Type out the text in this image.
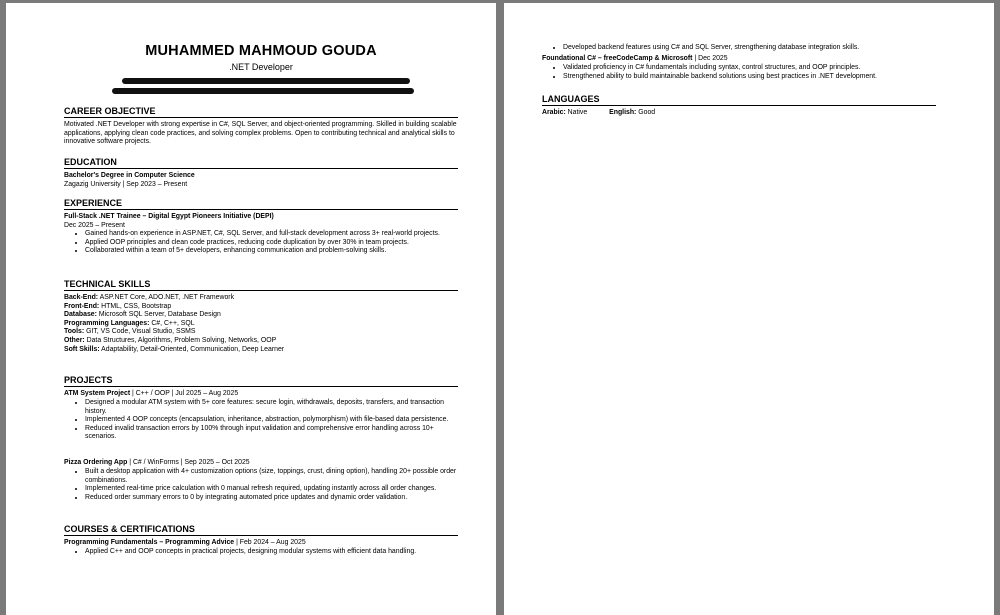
MUHAMMED MAHMOUD GOUDA
.NET Developer
CAREER OBJECTIVE
Motivated .NET Developer with strong expertise in C#, SQL Server, and object-oriented programming. Skilled in building scalable applications, applying clean code practices, and solving complex problems. Open to contributing technical and analytical skills to innovative software projects.
EDUCATION
Bachelor's Degree in Computer Science
Zagazig University | Sep 2023 – Present
EXPERIENCE
Full-Stack .NET Trainee – Digital Egypt Pioneers Initiative (DEPI)
Dec 2025 – Present
• Gained hands-on experience in ASP.NET, C#, SQL Server, and full-stack development across 3+ real-world projects.
• Applied OOP principles and clean code practices, reducing code duplication by over 30% in team projects.
• Collaborated within a team of 5+ developers, enhancing communication and problem-solving skills.
TECHNICAL SKILLS
Back-End: ASP.NET Core, ADO.NET, .NET Framework
Front-End: HTML, CSS, Bootstrap
Database: Microsoft SQL Server, Database Design
Programming Languages: C#, C++, SQL
Tools: GIT, VS Code, Visual Studio, SSMS
Other: Data Structures, Algorithms, Problem Solving, Networks, OOP
Soft Skills: Adaptability, Detail-Oriented, Communication, Deep Learner
PROJECTS
ATM System Project | C++ / OOP | Jul 2025 – Aug 2025
• Designed a modular ATM system with 5+ core features: secure login, withdrawals, deposits, transfers, and transaction history.
• Implemented 4 OOP concepts (encapsulation, inheritance, abstraction, polymorphism) with file-based data persistence.
• Reduced invalid transaction errors by 100% through input validation and comprehensive error handling across 10+ scenarios.
Pizza Ordering App | C# / WinForms | Sep 2025 – Oct 2025
• Built a desktop application with 4+ customization options (size, toppings, crust, dining option), handling 20+ possible order combinations.
• Implemented real-time price calculation with 0 manual refresh required, updating instantly across all order changes.
• Reduced order summary errors to 0 by integrating automated price updates and dynamic order validation.
COURSES & CERTIFICATIONS
Programming Fundamentals – Programming Advice | Feb 2024 – Aug 2025
• Applied C++ and OOP concepts in practical projects, designing modular systems with efficient data handling.
• Developed backend features using C# and SQL Server, strengthening database integration skills.
Foundational C# – freeCodeCamp & Microsoft | Dec 2025
• Validated proficiency in C# fundamentals including syntax, control structures, and OOP principles.
• Strengthened ability to build maintainable backend solutions using best practices in .NET development.
LANGUAGES
Arabic: Native	English: Good
